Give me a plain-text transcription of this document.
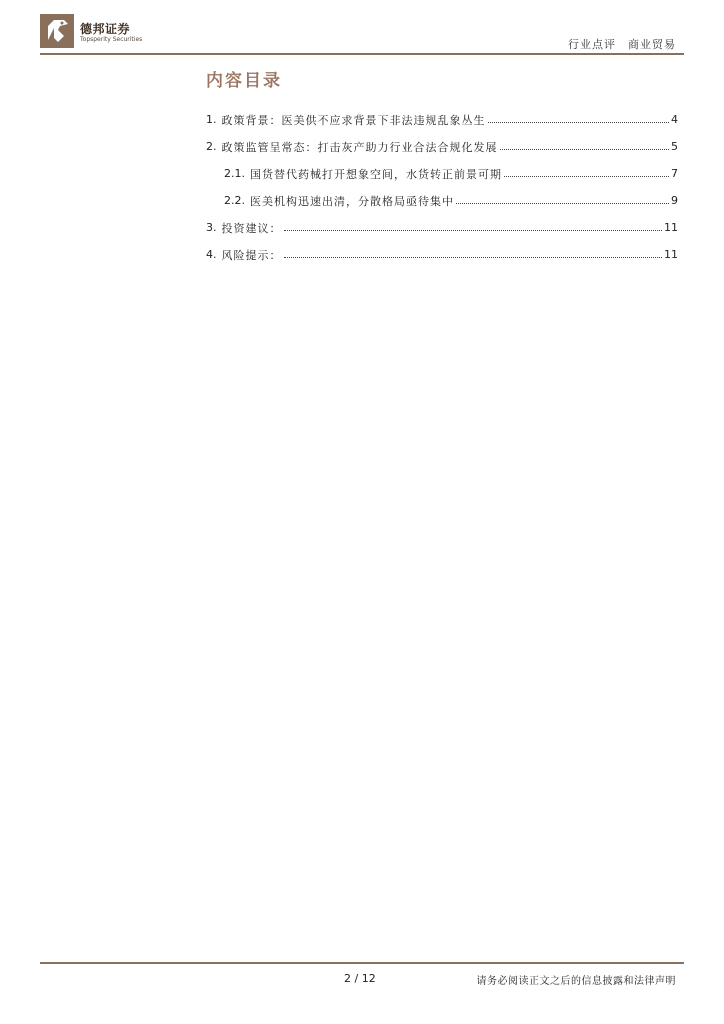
德邦证券
Topsperity Securities	行业点评 商业贸易
内容目录
1. 政策背景：医美供不应求背景下非法违规乱象丛生	4
2. 政策监管呈常态：打击灰产助力行业合法合规化发展	5
2.1. 国货替代药械打开想象空间，水货转正前景可期	7
2.2. 医美机构迅速出清，分散格局亟待集中	9
3. 投资建议：	11
4. 风险提示：	11
2 / 12	请务必阅读正文之后的信息披露和法律声明
